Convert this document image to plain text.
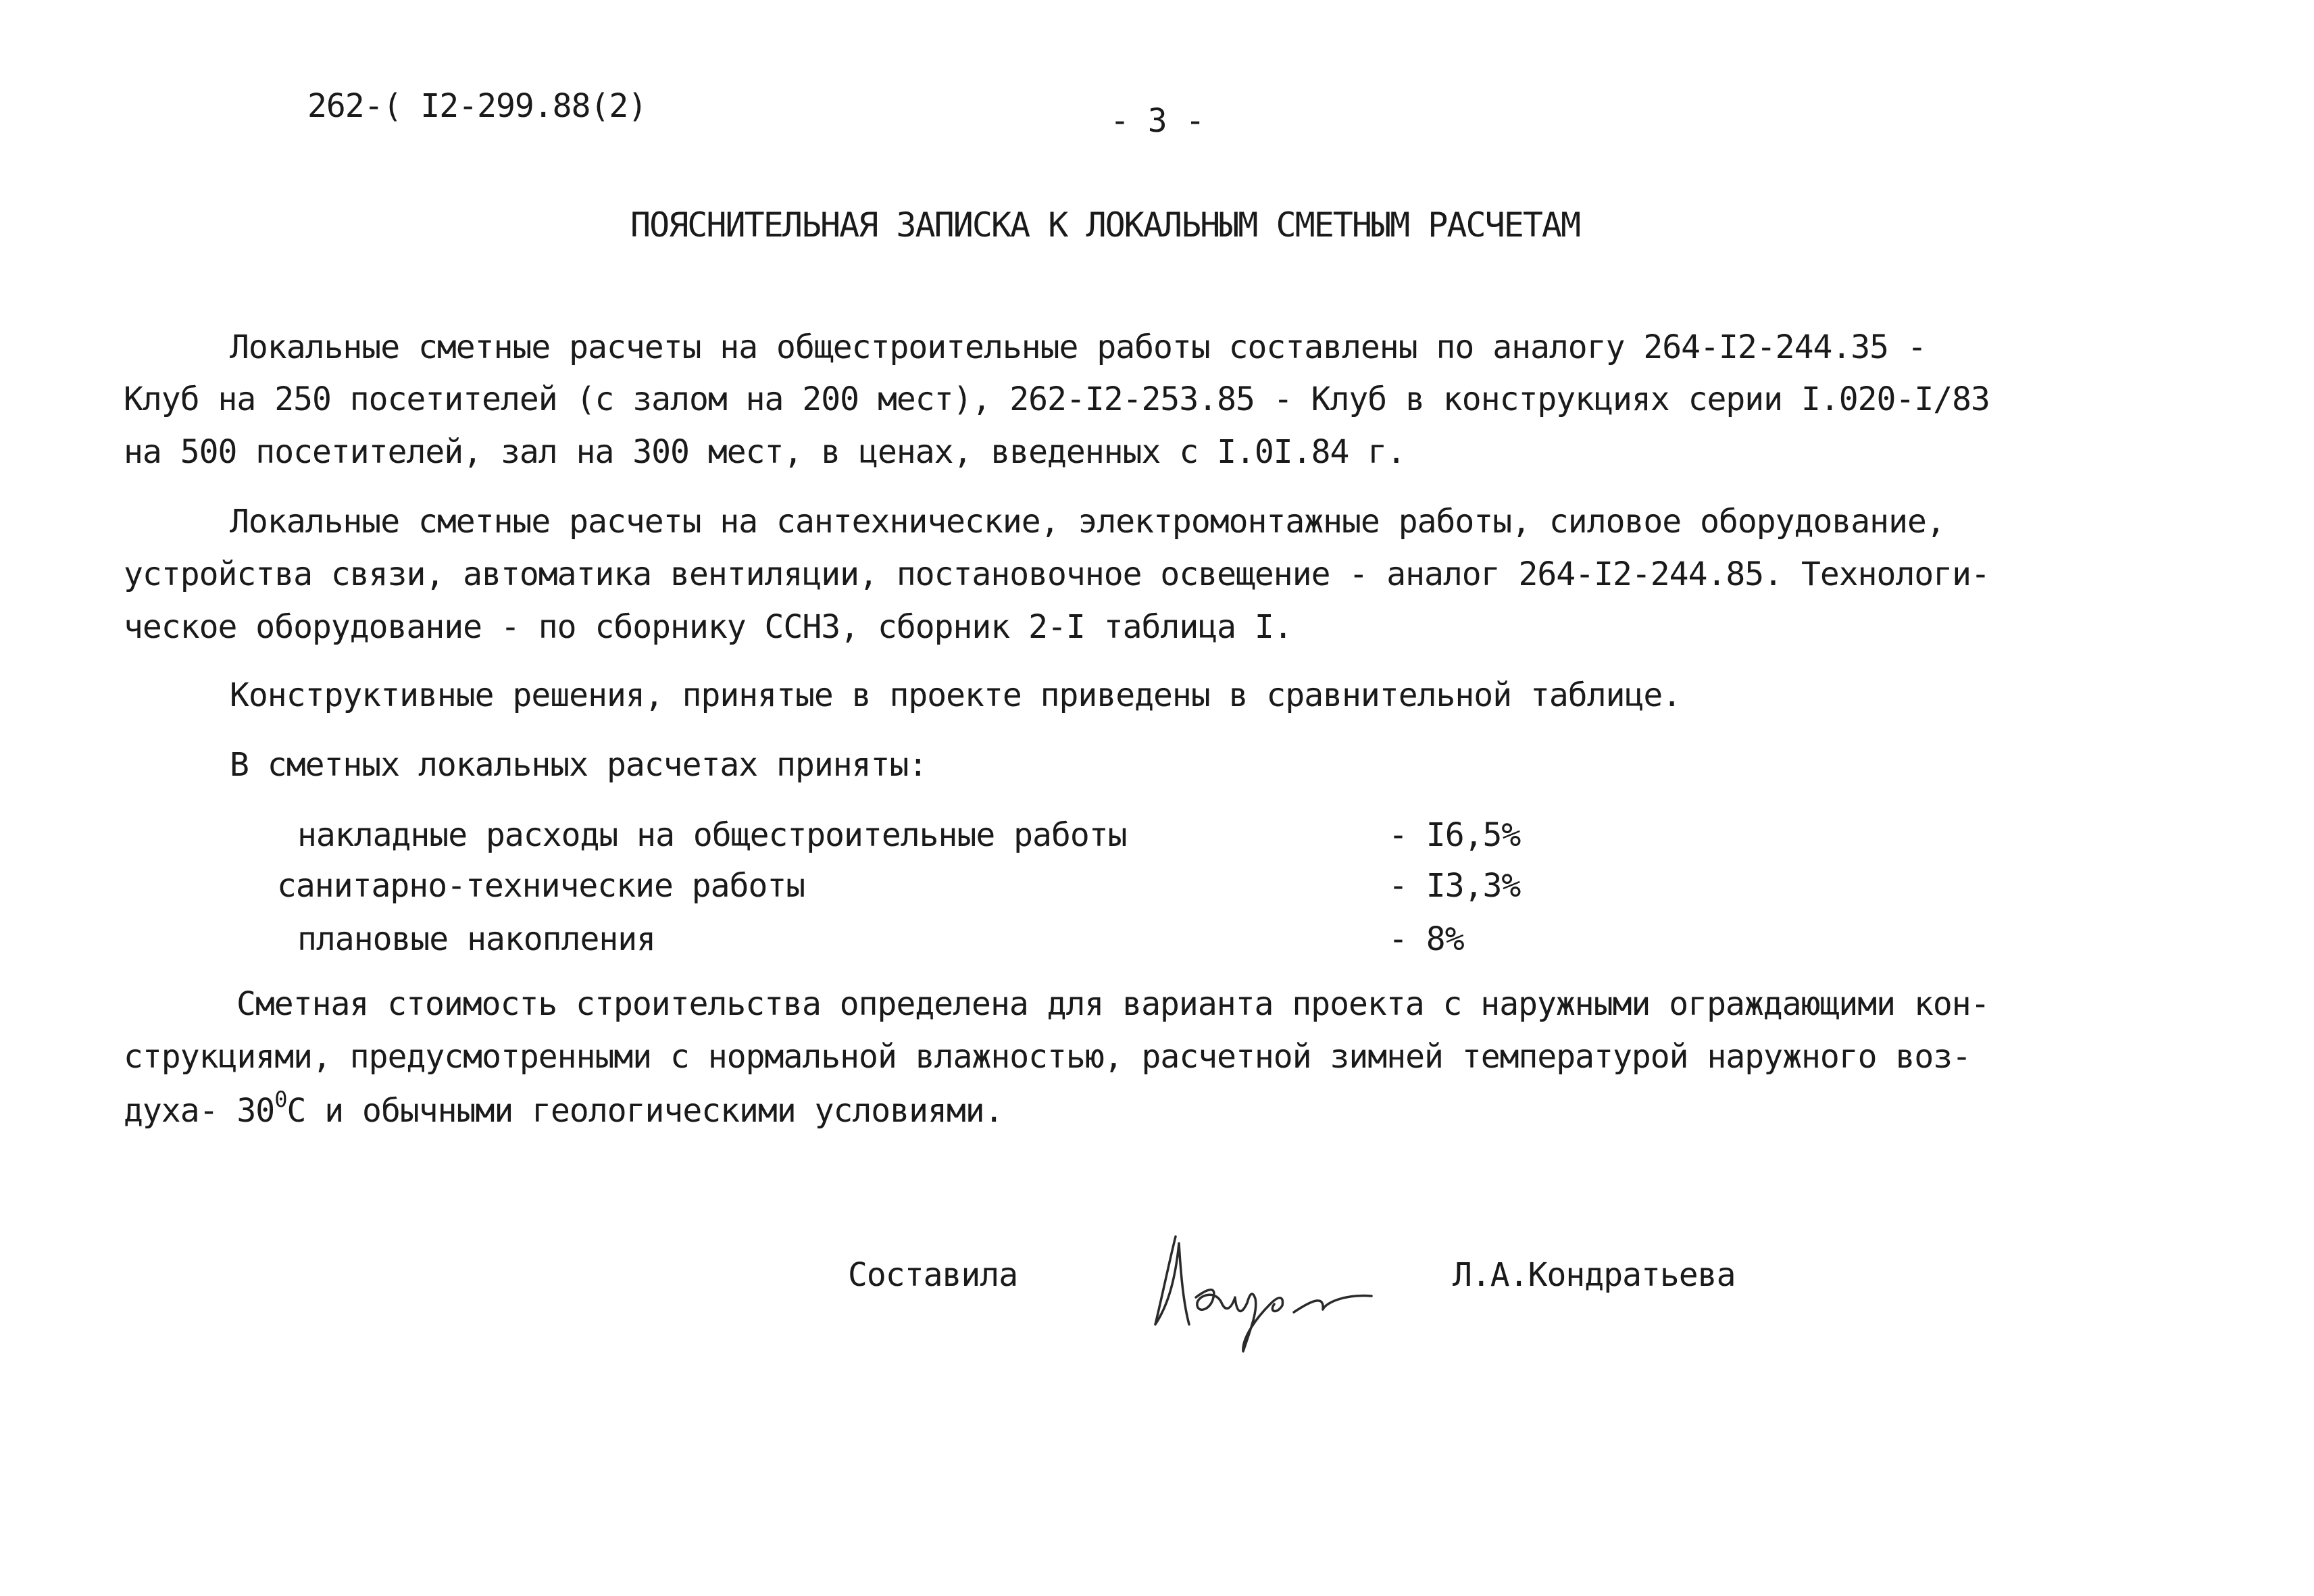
262-( I2-299.88(2)	- 3 -
ПОЯСНИТЕЛЬНАЯ ЗАПИСКА К ЛОКАЛЬНЫМ СМЕТНЫМ РАСЧЕТАМ
Локальные сметные расчеты на общестроительные работы составлены по аналогу 264-I2-244.35 -
Клуб на 250 посетителей (с залом на 200 мест), 262-I2-253.85 - Клуб в конструкциях серии I.020-I/83
на 500 посетителей, зал на 300 мест, в ценах, введенных с I.0I.84 г.
Локальные сметные расчеты на сантехнические, электромонтажные работы, силовое оборудование,
устройства связи, автоматика вентиляции, постановочное освещение - аналог 264-I2-244.85. Технологи-
ческое оборудование - по сборнику ССНЗ, сборник 2-I таблица I.
Конструктивные решения, принятые в проекте приведены в сравнительной таблице.
В сметных локальных расчетах приняты:
накладные расходы на общестроительные работы	- I6,5%
санитарно-технические работы	- I3,3%
плановые накопления	- 8%
Сметная стоимость строительства определена для варианта проекта с наружными ограждающими кон-
струкциями, предусмотренными с нормальной влажностью, расчетной зимней температурой наружного воз-
духа- $30^0С$ и обычными геологическими условиями.
Составила	Л.А.Кондратьева
